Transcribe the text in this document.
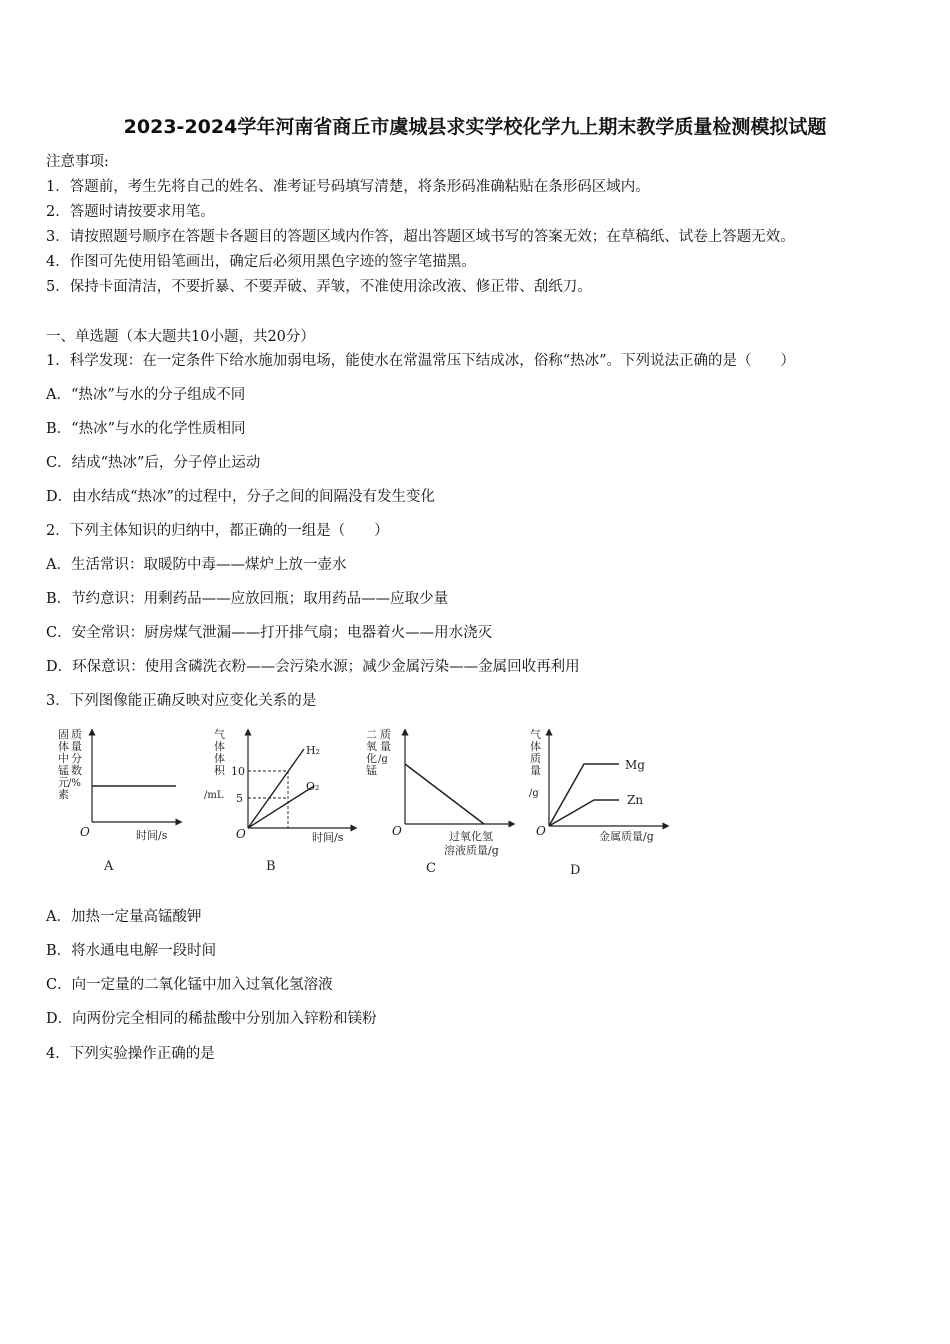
2023-2024学年河南省商丘市虞城县求实学校化学九上期末教学质量检测模拟试题
注意事项:
1．答题前，考生先将自己的姓名、准考证号码填写清楚，将条形码准确粘贴在条形码区域内。
2．答题时请按要求用笔。
3．请按照题号顺序在答题卡各题目的答题区域内作答，超出答题区域书写的答案无效；在草稿纸、试卷上答题无效。
4．作图可先使用铅笔画出，确定后必须用黑色字迹的签字笔描黑。
5．保持卡面清洁，不要折暴、不要弄破、弄皱，不准使用涂改液、修正带、刮纸刀。
一、单选题（本大题共10小题，共20分）
1．科学发现：在一定条件下给水施加弱电场，能使水在常温常压下结成冰，俗称“热冰”。下列说法正确的是（　　）
A．“热冰”与水的分子组成不同
B．“热冰”与水的化学性质相同
C．结成“热冰”后，分子停止运动
D．由水结成“热冰”的过程中，分子之间的间隔没有发生变化
2．下列主体知识的归纳中，都正确的一组是（　　）
A．生活常识：取暖防中毒——煤炉上放一壶水
B．节约意识：用剩药品——应放回瓶；取用药品——应取少量
C．安全常识：厨房煤气泄漏——打开排气扇；电器着火——用水浇灭
D．环保意识：使用含磷洗衣粉——会污染水源；减少金属污染——金属回收再利用
3．下列图像能正确反映对应变化关系的是
固
体
中
锰
元
素
质
量
分
数
/%
O	时间/s
A
气
体
体
积
/mL
10
5
H₂
O₂
O	时间/s
B
二
氧
化
锰
质
量
/g
O	过氧化氢
溶液质量/g
C
气
体
质
量
/g
Mg
Zn
O	金属质量/g
D
A．加热一定量高锰酸钾
B．将水通电电解一段时间
C．向一定量的二氧化锰中加入过氧化氢溶液
D．向两份完全相同的稀盐酸中分别加入锌粉和镁粉
4．下列实验操作正确的是
